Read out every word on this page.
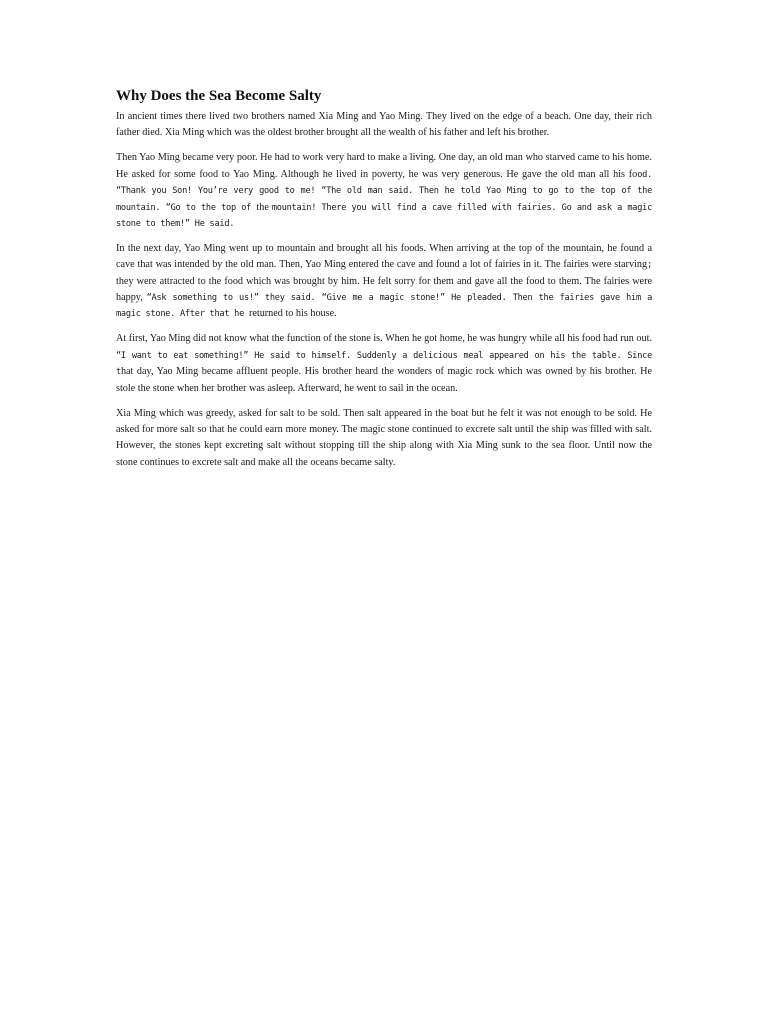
Why Does the Sea Become Salty

In ancient times there lived two brothers named Xia Ming and Yao Ming. They lived on the edge of a beach. One day, their rich father died. Xia Ming which was the oldest brother brought all the wealth of his father and left his brother.

Then Yao Ming became very poor. He had to work very hard to make a living. One day, an old man who starved came to his home. He asked for some food to Yao Ming. Although he lived in poverty, he was very generous. He gave the old man all his food. “Thank you Son! You’re very good to me! “The old man said. Then he told Yao Ming to go to the top of the mountain. “Go to the top of the mountain! There you will find a cave filled with fairies. Go and ask a magic stone to them!” He said.

In the next day, Yao Ming went up to mountain and brought all his foods. When arriving at the top of the mountain, he found a cave that was intended by the old man. Then, Yao Ming entered the cave and found a lot of fairies in it. The fairies were starving; they were attracted to the food which was brought by him. He felt sorry for them and gave all the food to them. The fairies were happy, “Ask something to us!” they said. “Give me a magic stone!” He pleaded. Then the fairies gave him a magic stone. After that he returned to his house.

At first, Yao Ming did not know what the function of the stone is. When he got home, he was hungry while all his food had run out. “I want to eat something!” He said to himself. Suddenly a delicious meal appeared on his the table. Since that day, Yao Ming became affluent people. His brother heard the wonders of magic rock which was owned by his brother. He stole the stone when her brother was asleep. Afterward, he went to sail in the ocean.

Xia Ming which was greedy, asked for salt to be sold. Then salt appeared in the boat but he felt it was not enough to be sold. He asked for more salt so that he could earn more money. The magic stone continued to excrete salt until the ship was filled with salt. However, the stones kept excreting salt without stopping till the ship along with Xia Ming sunk to the sea floor. Until now the stone continues to excrete salt and make all the oceans became salty.
